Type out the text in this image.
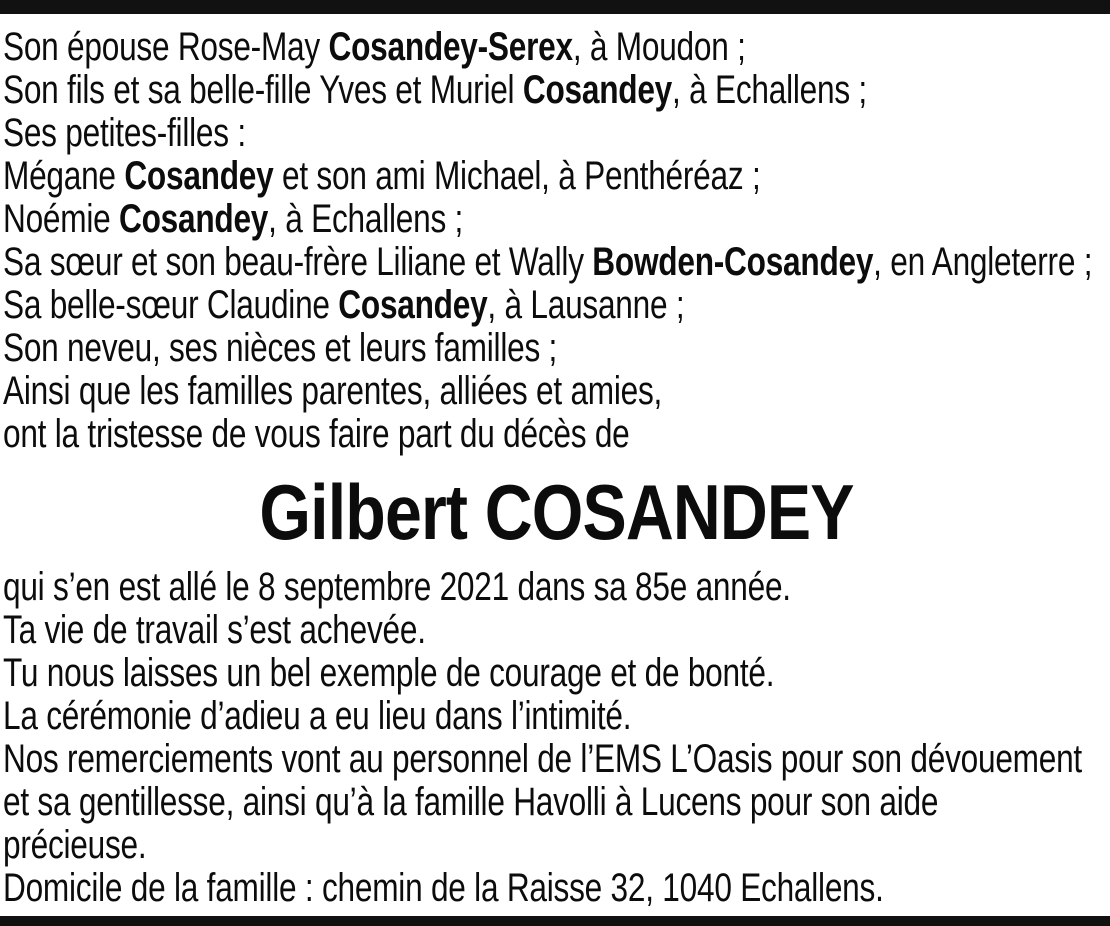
Son épouse Rose-May Cosandey-Serex, à Moudon ;
Son fils et sa belle-fille Yves et Muriel Cosandey, à Echallens ;
Ses petites-filles :
Mégane Cosandey et son ami Michael, à Penthéréaz ;
Noémie Cosandey, à Echallens ;
Sa sœur et son beau-frère Liliane et Wally Bowden-Cosandey, en Angleterre ;
Sa belle-sœur Claudine Cosandey, à Lausanne ;
Son neveu, ses nièces et leurs familles ;
Ainsi que les familles parentes, alliées et amies,
ont la tristesse de vous faire part du décès de
Gilbert COSANDEY
qui s’en est allé le 8 septembre 2021 dans sa 85e année.
Ta vie de travail s’est achevée.
Tu nous laisses un bel exemple de courage et de bonté.
La cérémonie d’adieu a eu lieu dans l’intimité.
Nos remerciements vont au personnel de l’EMS L’Oasis pour son dévouement
et sa gentillesse, ainsi qu’à la famille Havolli à Lucens pour son aide
précieuse.
Domicile de la famille : chemin de la Raisse 32, 1040 Echallens.
